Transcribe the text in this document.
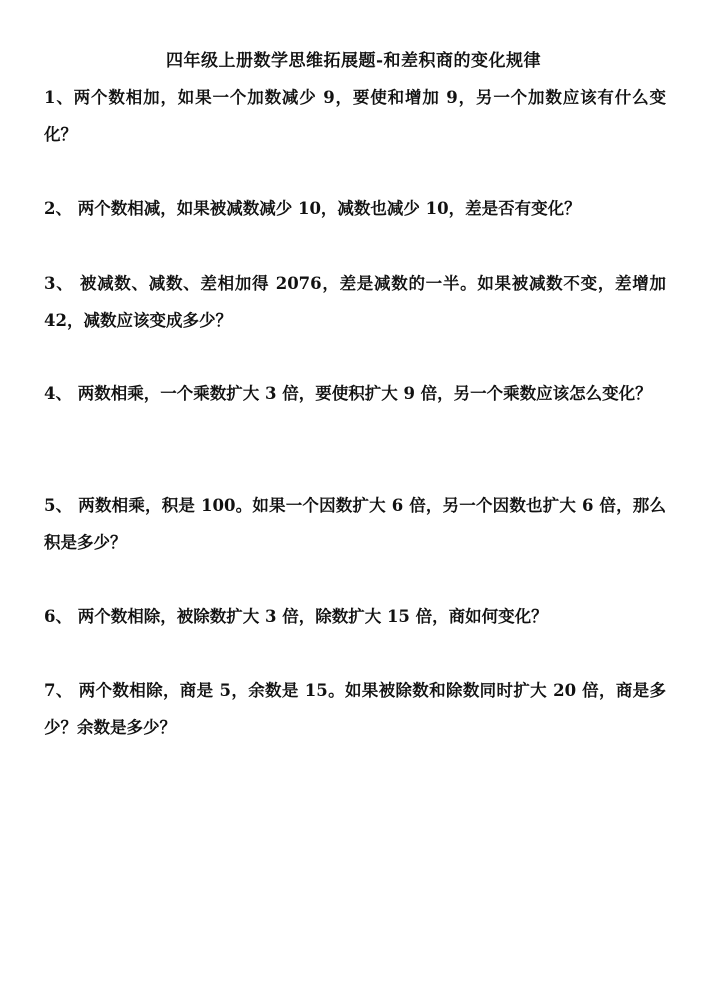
四年级上册数学思维拓展题-和差积商的变化规律
1、两个数相加，如果一个加数减少 9，要使和增加 9，另一个加数应该有什么变化？
2、 两个数相减，如果被减数减少 10，减数也减少 10，差是否有变化？
3、 被减数、减数、差相加得 2076，差是减数的一半。如果被减数不变，差增加 42，减数应该变成多少？
4、 两数相乘，一个乘数扩大 3 倍，要使积扩大 9 倍，另一个乘数应该怎么变化？
5、 两数相乘，积是 100。如果一个因数扩大 6 倍，另一个因数也扩大 6 倍，那么积是多少？
6、 两个数相除，被除数扩大 3 倍，除数扩大 15 倍，商如何变化？
7、 两个数相除，商是 5，余数是 15。如果被除数和除数同时扩大 20 倍，商是多少？余数是多少？
